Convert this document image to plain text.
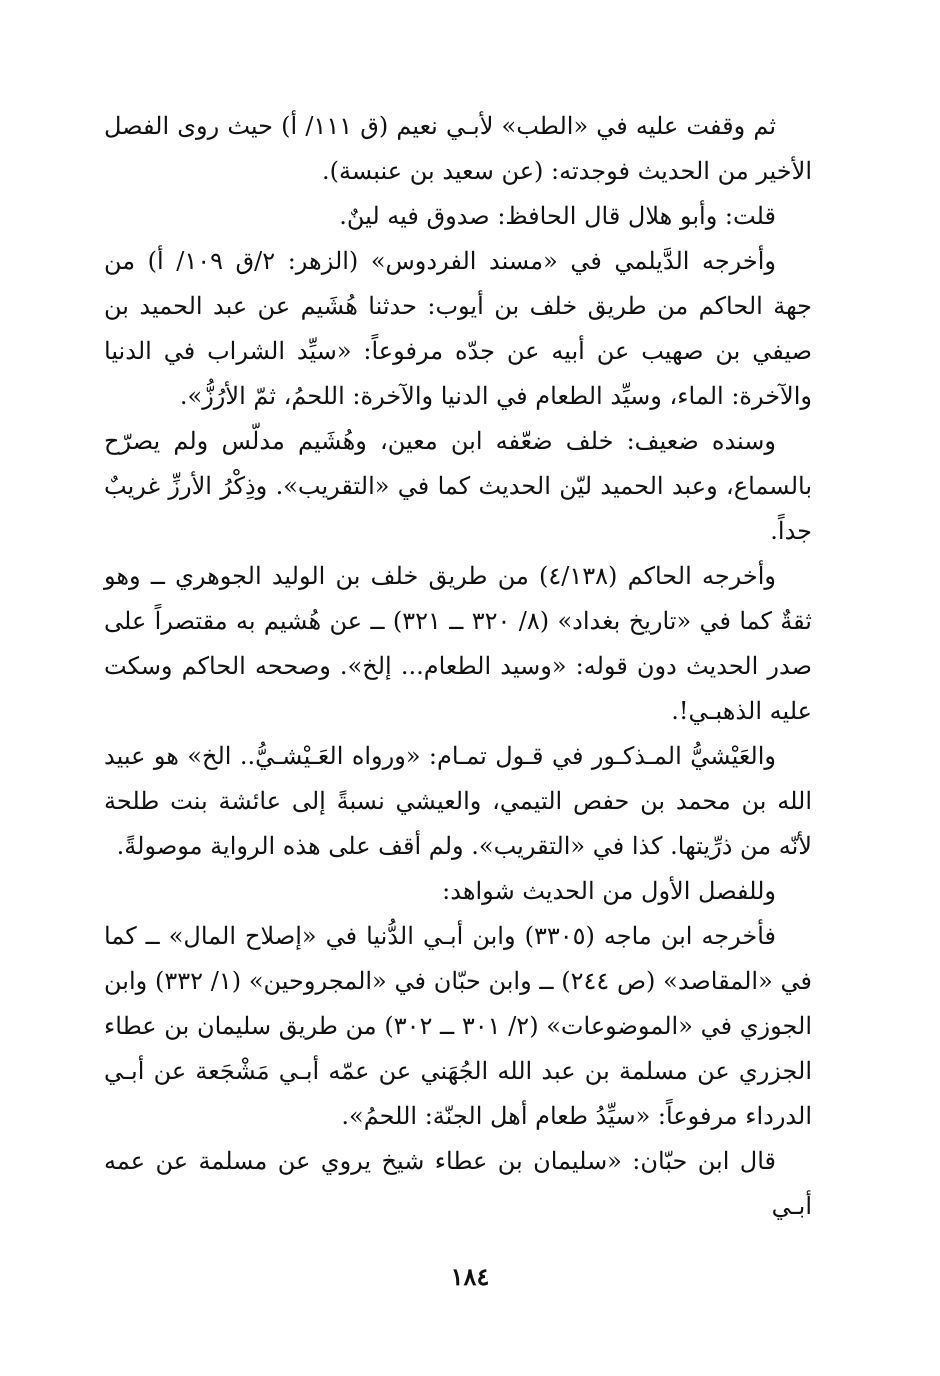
ثم وقفت عليه في «الطب» لأبـي نعيم (ق ١١١/ أ) حيث روى الفصل الأخير من الحديث فوجدته: (عن سعيد بن عنبسة).

قلت: وأبو هلال قال الحافظ: صدوق فيه لينٌ.

وأخرجه الدَّيلمي في «مسند الفردوس» (الزهر: ٢/ق ١٠٩/ أ) من جهة الحاكم من طريق خلف بن أيوب: حدثنا هُشَيم عن عبد الحميد بن صيفي بن صهيب عن أبيه عن جدّه مرفوعاً: «سيِّد الشراب في الدنيا والآخرة: الماء، وسيِّد الطعام في الدنيا والآخرة: اللحمُ، ثمّ الأرُزُّ».

وسنده ضعيف: خلف ضعّفه ابن معين، وهُشَيم مدلّس ولم يصرّح بالسماع، وعبد الحميد ليّن الحديث كما في «التقريب». وذِكْرُ الأرزِّ غريبٌ جداً.

وأخرجه الحاكم (٤/١٣٨) من طريق خلف بن الوليد الجوهري ــ وهو ثقةٌ كما في «تاريخ بغداد» (٨/ ٣٢٠ ــ ٣٢١) ــ عن هُشيم به مقتصراً على صدر الحديث دون قوله: «وسيد الطعام... إلخ». وصححه الحاكم وسكت عليه الذهبـي!.

والعَيْشيُّ المـذكـور في قـول تمـام: «ورواه العَـيْشـيُّ.. الخ» هو عبيد الله بن محمد بن حفص التيمي، والعيشي نسبةً إلى عائشة بنت طلحة لأنّه من ذرِّيتها. كذا في «التقريب». ولم أقف على هذه الرواية موصولةً.

وللفصل الأول من الحديث شواهد:

فأخرجه ابن ماجه (٣٣٠٥) وابن أبـي الدُّنيا في «إصلاح المال» ــ كما في «المقاصد» (ص ٢٤٤) ــ وابن حبّان في «المجروحين» (١/ ٣٣٢) وابن الجوزي في «الموضوعات» (٢/ ٣٠١ ــ ٣٠٢) من طريق سليمان بن عطاء الجزري عن مسلمة بن عبد الله الجُهَني عن عمّه أبـي مَشْجَعة عن أبـي الدرداء مرفوعاً: «سيِّدُ طعام أهل الجنّة: اللحمُ».

قال ابن حبّان: «سليمان بن عطاء شيخ يروي عن مسلمة عن عمه أبـي

١٨٤
